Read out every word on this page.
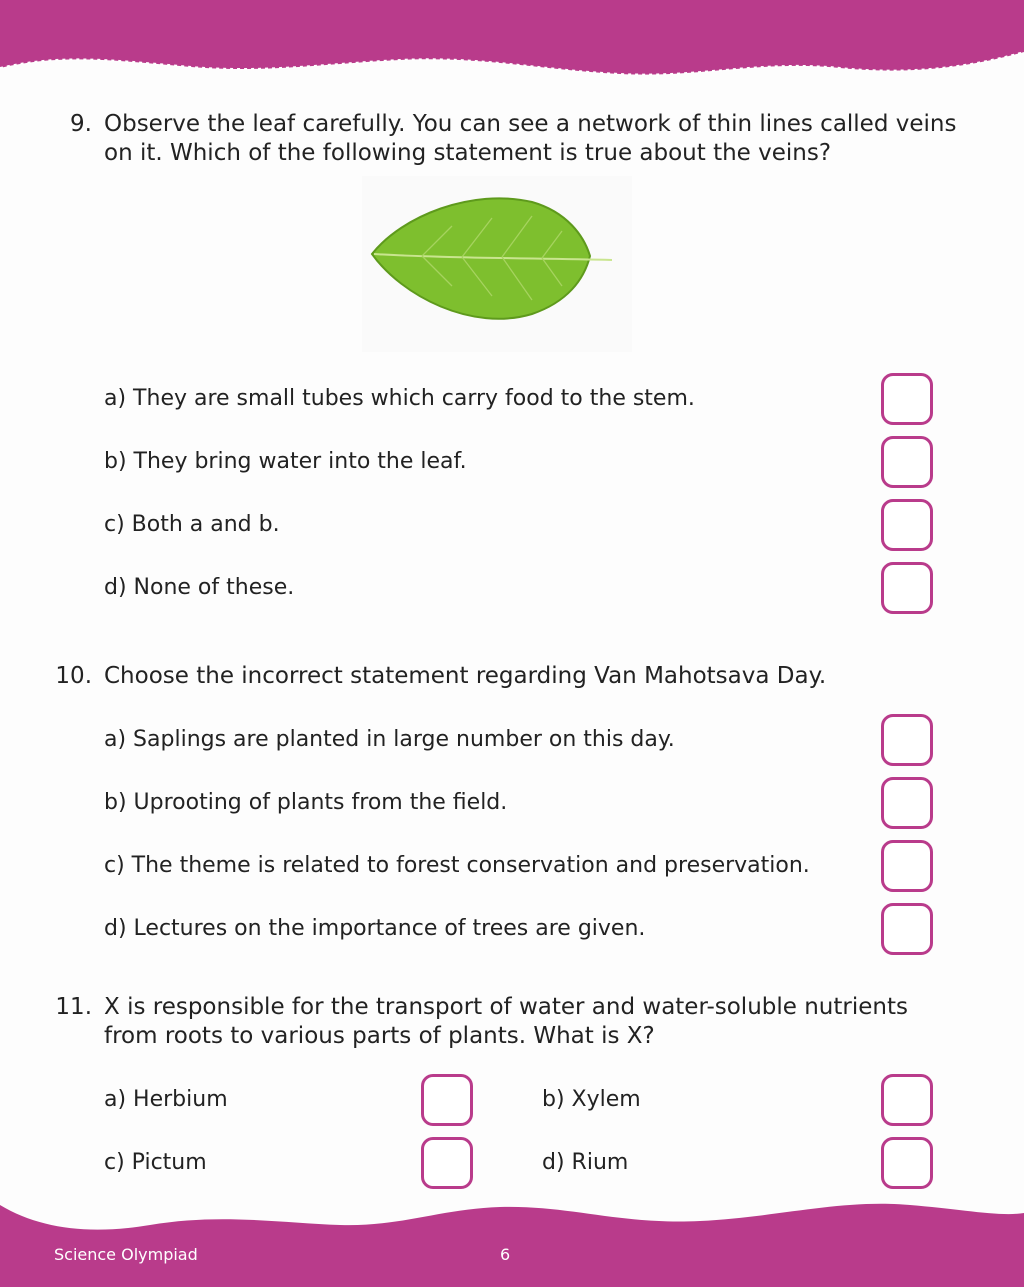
9. Observe the leaf carefully. You can see a network of thin lines called veins on it. Which of the following statement is true about the veins?
a) They are small tubes which carry food to the stem.
b) They bring water into the leaf.
c) Both a and b.
d) None of these.
10. Choose the incorrect statement regarding Van Mahotsava Day.
a) Saplings are planted in large number on this day.
b) Uprooting of plants from the field.
c) The theme is related to forest conservation and preservation.
d) Lectures on the importance of trees are given.
11. X is responsible for the transport of water and water-soluble nutrients from roots to various parts of plants. What is X?
a) Herbium	b) Xylem
c) Pictum	d) Rium
Science Olympiad	6
